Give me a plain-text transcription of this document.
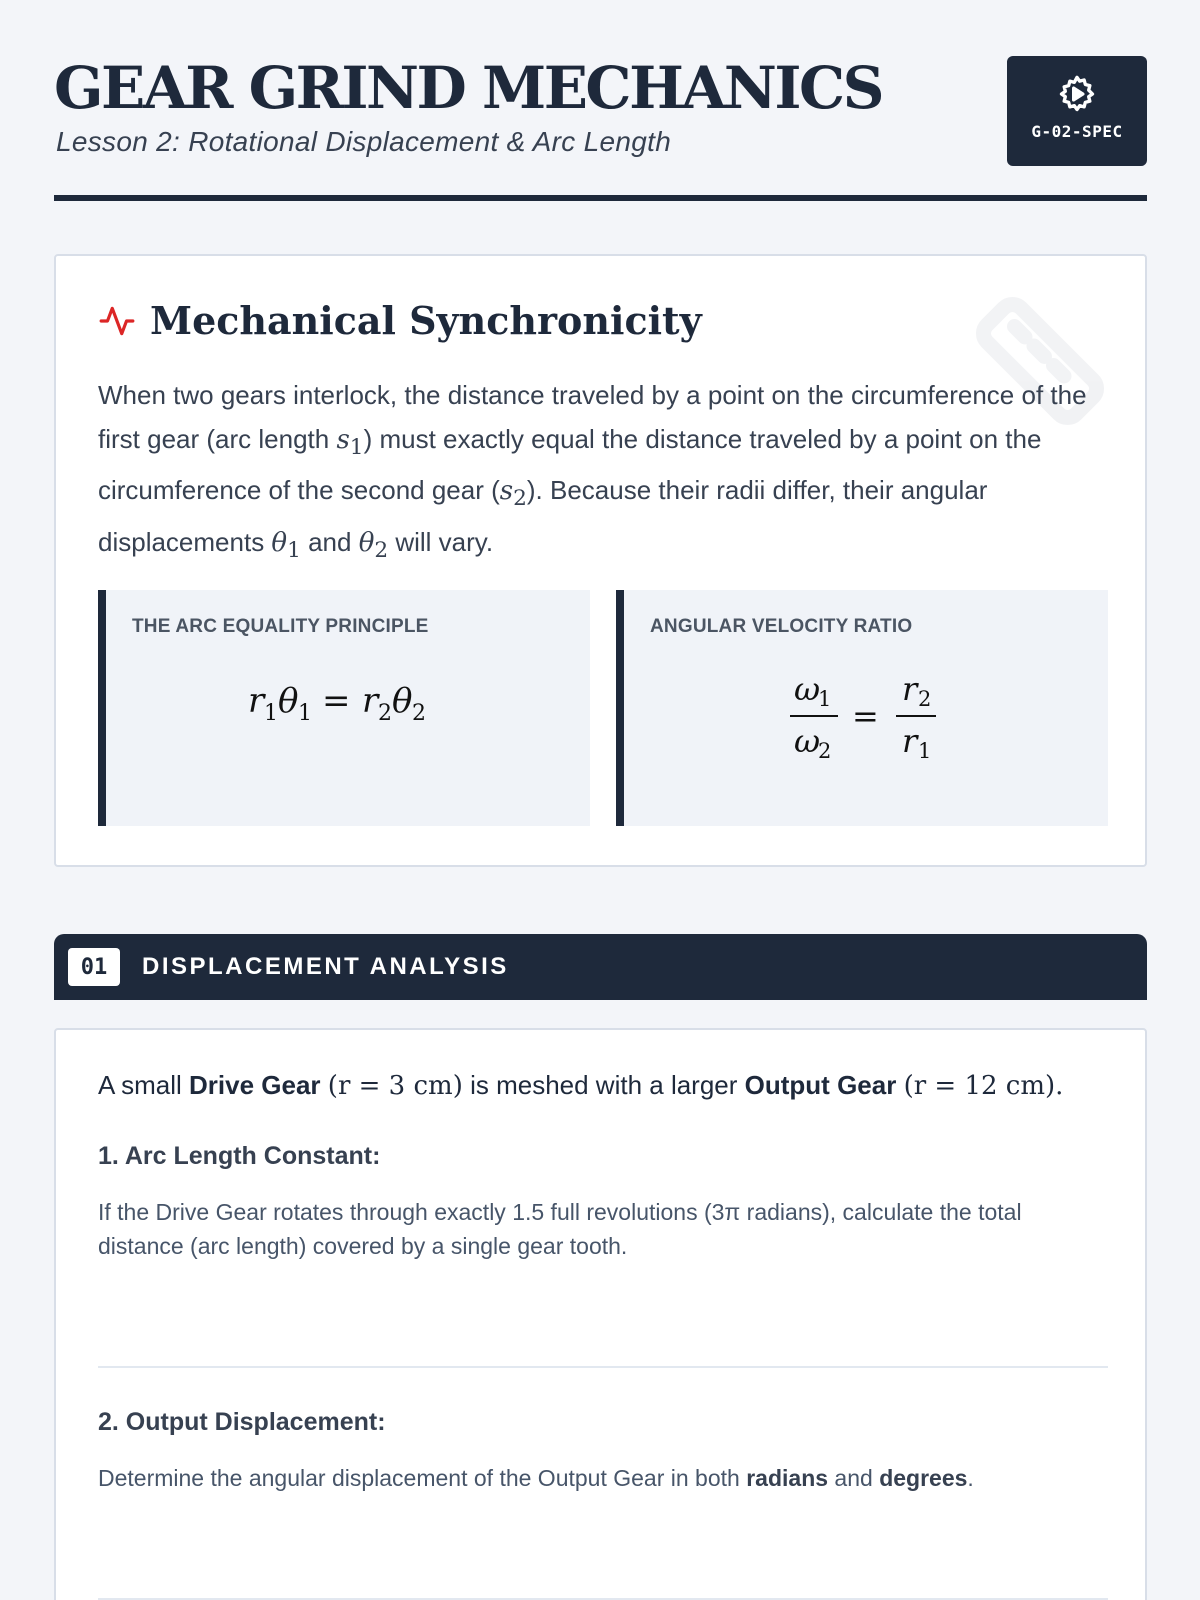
GEAR GRIND MECHANICS
Lesson 2: Rotational Displacement & Arc Length	G-02-SPEC
Mechanical Synchronicity

When two gears interlock, the distance traveled by a point on the circumference of the first gear (arc length $s_1$) must exactly equal the distance traveled by a point on the circumference of the second gear $(s_2)$. Because their radii differ, their angular displacements $\theta_1$ and $\theta_2$ will vary.

THE ARC EQUALITY PRINCIPLE
r 1 θ 1 = r 2 θ 2
ANGULAR VELOCITY RATIO
ω
1
ω
2
=
r 2
r 1
01	DISPLACEMENT ANALYSIS

A small Drive Gear (r = 3 cm) is meshed with a larger Output Gear (r = 12 cm).

1. Arc Length Constant:
If the Drive Gear rotates through exactly 1.5 full revolutions (3π radians), calculate the total distance (arc length) covered by a single gear tooth.
2. Output Displacement:
Determine the angular displacement of the Output Gear in both radians and degrees.
